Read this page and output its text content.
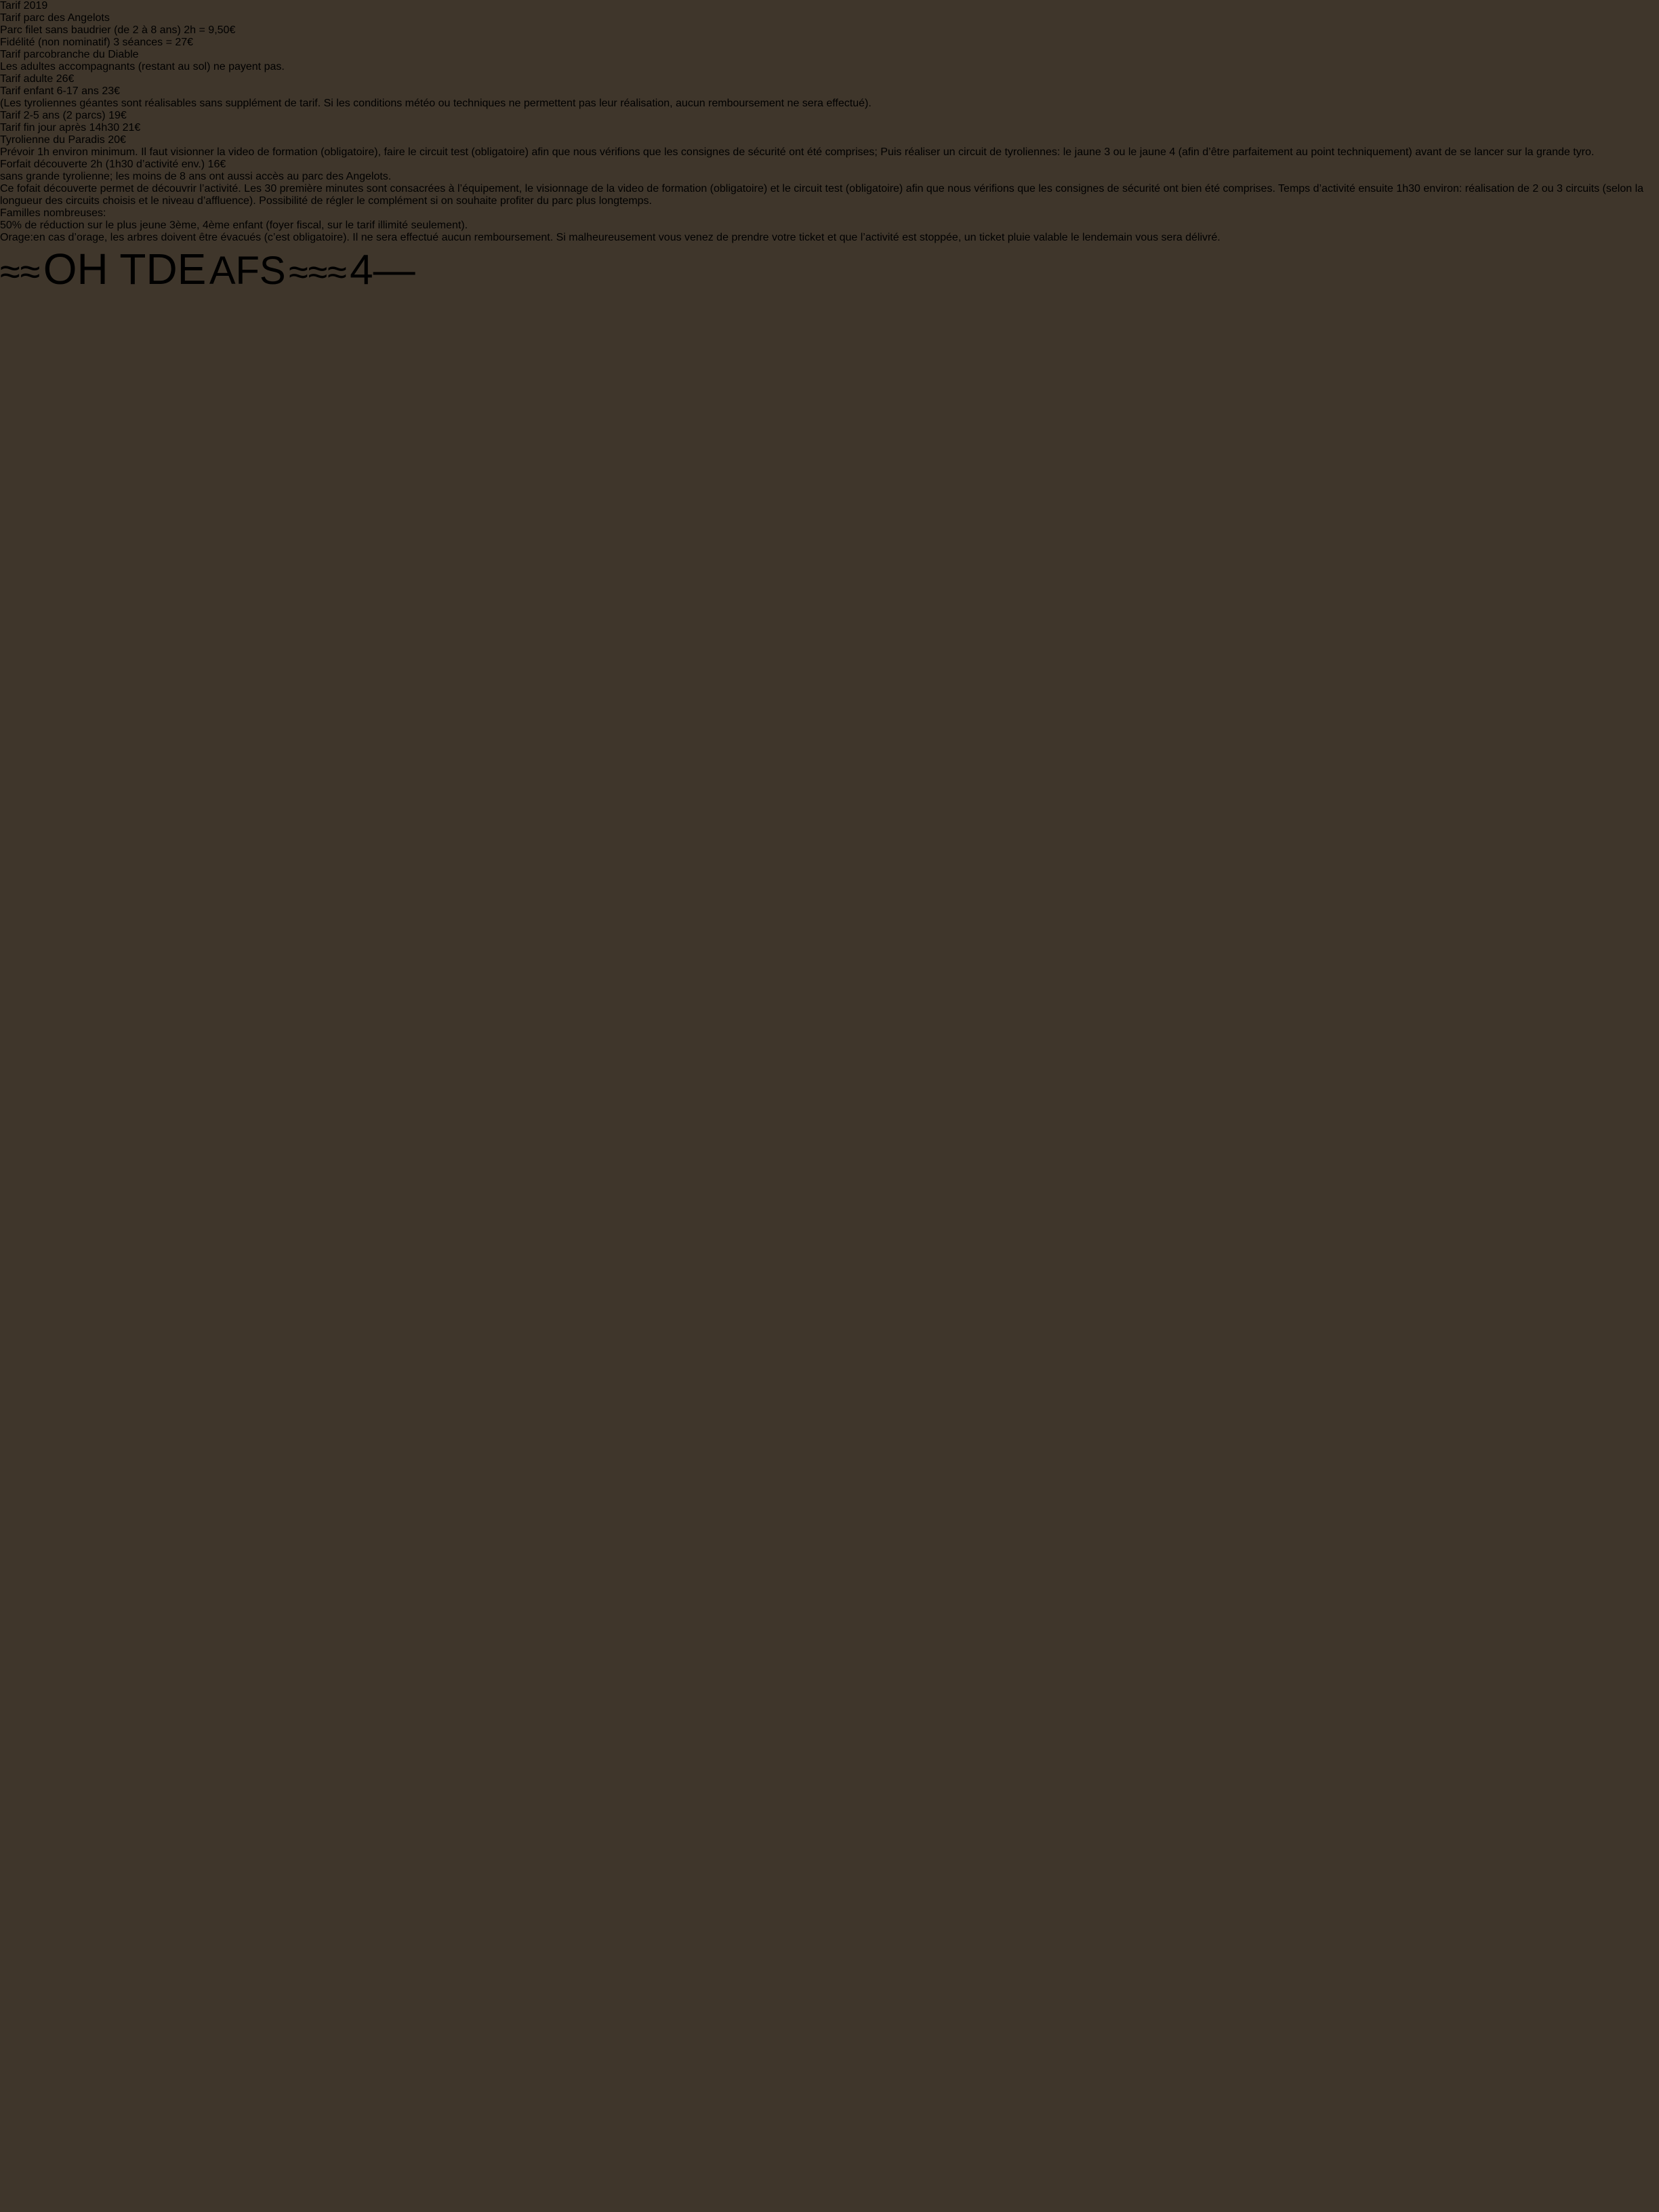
Tarif 2019
Tarif parc des Angelots
Parc filet sans baudrier (de 2 à 8 ans) 2h = 9,50€
Fidélité (non nominatif) 3 séances = 27€
Tarif parcobranche du Diable
Les adultes accompagnants (restant au sol) ne payent pas.
Tarif adulte 26€
Tarif enfant 6-17 ans 23€
(Les tyroliennes géantes sont réalisables sans supplément de tarif. Si les conditions météo ou techniques ne permettent pas leur réalisation, aucun remboursement ne sera effectué).
Tarif 2-5 ans (2 parcs) 19€
Tarif fin jour après 14h30 21€
Tyrolienne du Paradis 20€
Prévoir 1h environ minimum. Il faut visionner la video de formation (obligatoire), faire le circuit test (obligatoire) afin que nous vérifions que les consignes de sécurité ont été comprises; Puis réaliser un circuit de tyroliennes: le jaune 3 ou le jaune 4 (afin d’être parfaitement au point techniquement) avant de se lancer sur la grande tyro.
Forfait découverte 2h (1h30 d’activité env.) 16€
sans grande tyrolienne; les moins de 8 ans ont aussi accès au parc des Angelots.
Ce fofait découverte permet de découvrir l’activité. Les 30 première minutes sont consacrées à l’équipement, le visionnage de la video de formation (obligatoire) et le circuit test (obligatoire) afin que nous vérifions que les consignes de sécurité ont bien été comprises. Temps d’activité ensuite 1h30 environ: réalisation de 2 ou 3 circuits (selon la longueur des circuits choisis et le niveau d’affluence). Possibilité de régler le complément si on souhaite profiter du parc plus longtemps.
Familles nombreuses:
50% de réduction sur le plus jeune 3ème, 4ème enfant (foyer fiscal, sur le tarif illimité seulement).
Orage:en cas d’orage, les arbres doivent être évacués (c’est obligatoire). Il ne sera effectué aucun remboursement. Si malheureusement vous venez de prendre votre ticket et que l’activité est stoppée, un ticket pluie valable le lendemain vous sera délivré.
≈≈ OH TDE AFS ≈≈≈ 4—
